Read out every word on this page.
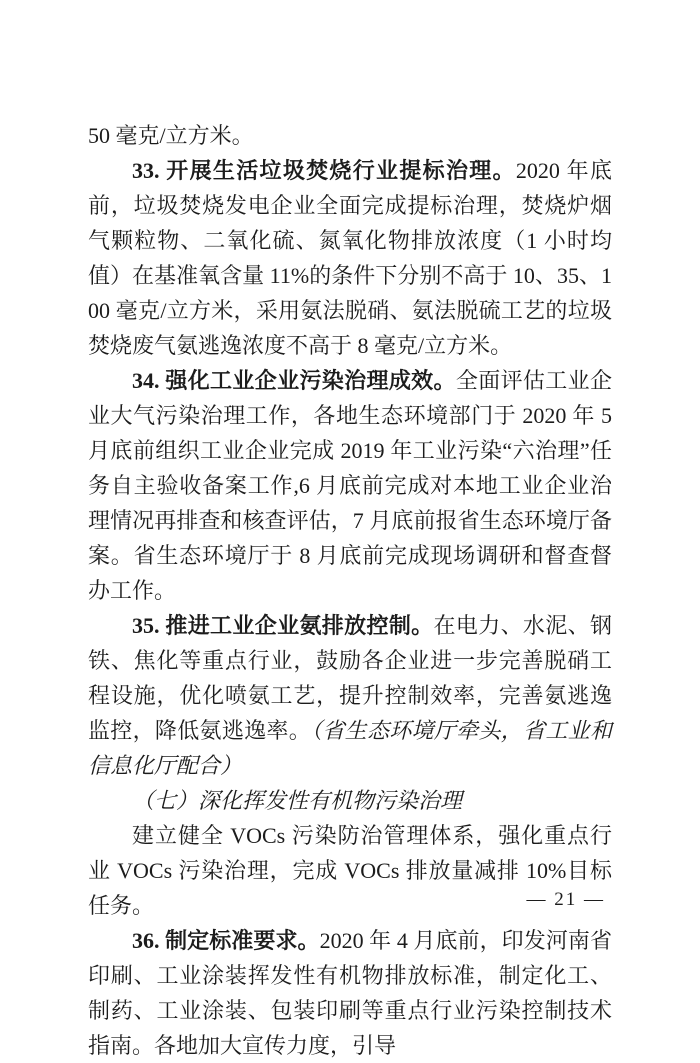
50 毫克/立方米。

33. 开展生活垃圾焚烧行业提标治理。2020 年底前，垃圾焚烧发电企业全面完成提标治理，焚烧炉烟气颗粒物、二氧化硫、氮氧化物排放浓度（1 小时均值）在基准氧含量 11%的条件下分别不高于 10、35、100 毫克/立方米，采用氨法脱硝、氨法脱硫工艺的垃圾焚烧废气氨逃逸浓度不高于 8 毫克/立方米。

34. 强化工业企业污染治理成效。全面评估工业企业大气污染治理工作，各地生态环境部门于 2020 年 5 月底前组织工业企业完成 2019 年工业污染“六治理”任务自主验收备案工作,6 月底前完成对本地工业企业治理情况再排查和核查评估，7 月底前报省生态环境厅备案。省生态环境厅于 8 月底前完成现场调研和督查督办工作。

35. 推进工业企业氨排放控制。在电力、水泥、钢铁、焦化等重点行业，鼓励各企业进一步完善脱硝工程设施，优化喷氨工艺，提升控制效率，完善氨逃逸监控，降低氨逃逸率。（省生态环境厅牵头，省工业和信息化厅配合）

（七）深化挥发性有机物污染治理

建立健全 VOCs 污染防治管理体系，强化重点行业 VOCs 污染治理，完成 VOCs 排放量减排 10%目标任务。

36. 制定标准要求。2020 年 4 月底前，印发河南省印刷、工业涂装挥发性有机物排放标准，制定化工、制药、工业涂装、包装印刷等重点行业污染控制技术指南。各地加大宣传力度，引导

— 21 —
